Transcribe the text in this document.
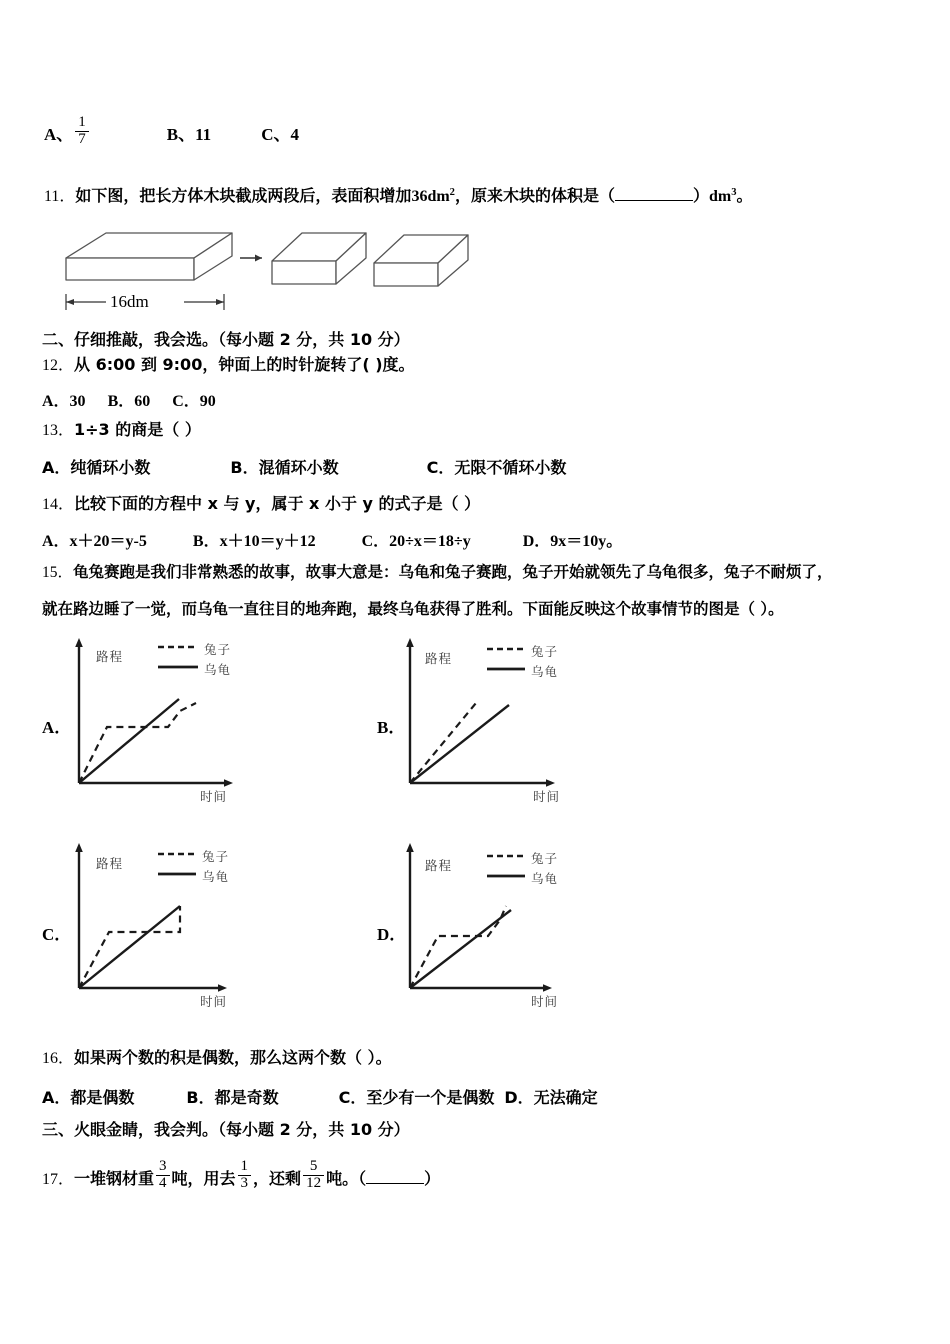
A、 $\frac{1}{7}$	B、11	C、4
11．如下图，把长方体木块截成两段后，表面积增加$36dm^2$，原来木块的体积是（	）$dm^3$。
16dm
二、仔细推敲，我会选。（每小题 2 分，共 10 分）
12．从 6:00 到 9:00，钟面上的时针旋转了( )度。
A．30 B．60 C．90
13．1÷3 的商是（ ）
A．纯循环小数	B．混循环小数	C．无限不循环小数
14．比较下面的方程中 x 与 y，属于 x 小于 y 的式子是（ ）
A．x＋20＝y‐5	B．x＋10＝y＋12	C．20÷x＝18÷y	D．9x＝10y。
15．龟兔赛跑是我们非常熟悉的故事，故事大意是：乌龟和兔子赛跑，兔子开始就领先了乌龟很多，兔子不耐烦了，
就在路边睡了一觉，而乌龟一直往目的地奔跑，最终乌龟获得了胜利。下面能反映这个故事情节的图是（ ）。
A．
路程
时间
兔子
乌龟
B．
路程
时间
兔子
乌龟
C．
路程
时间
兔子
乌龟
D．
路程
时间
兔子
乌龟
16．如果两个数的积是偶数，那么这两个数（ ）。
A．都是偶数	B．都是奇数	C．至少有一个是偶数 D．无法确定
三、火眼金睛，我会判。（每小题 2 分，共 10 分）
17．一堆钢材重 $\frac{3}{4}$ 吨，用去 $\frac{1}{3}$ ，还剩 $\frac{5}{12}$ 吨。（	）
